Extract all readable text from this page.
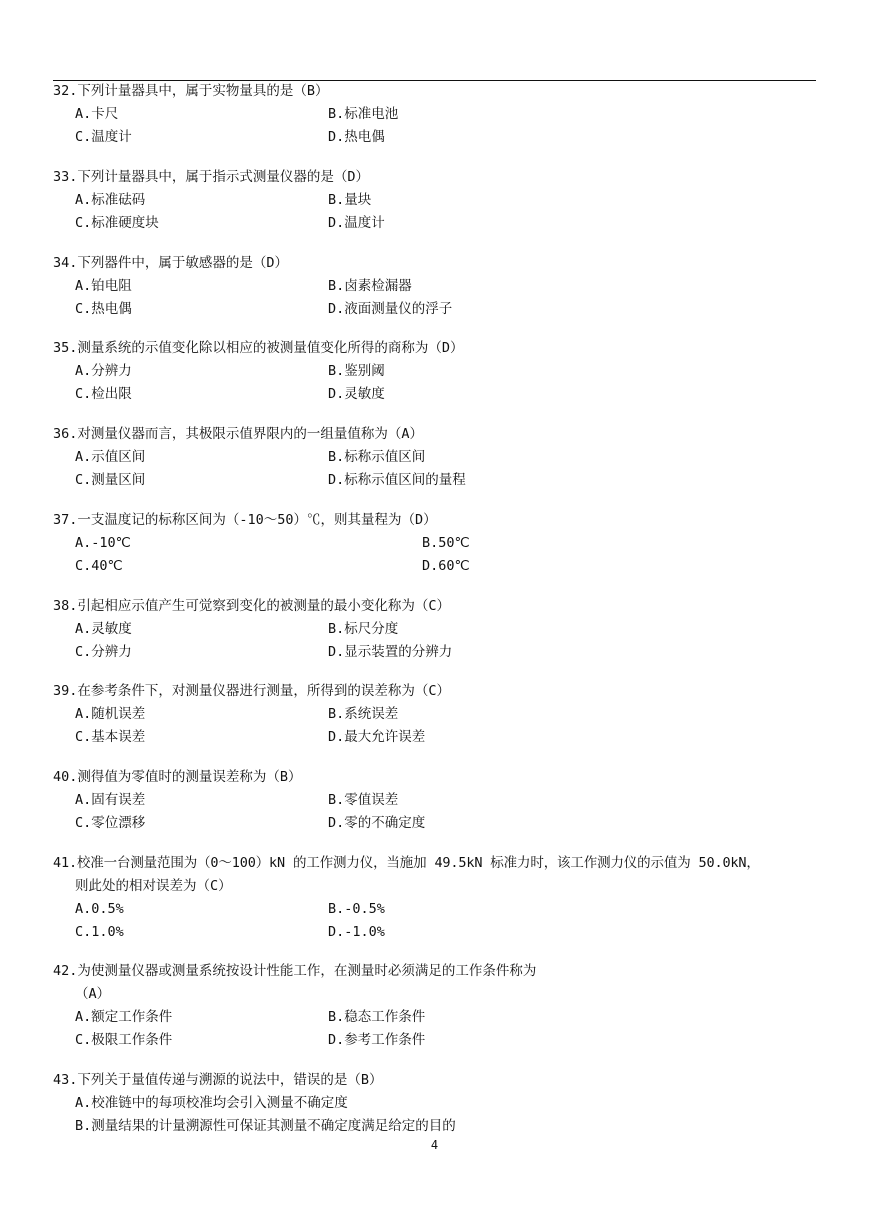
32.下列计量器具中，属于实物量具的是（B）
A.卡尺	B.标准电池
C.温度计	D.热电偶
33.下列计量器具中，属于指示式测量仪器的是（D）
A.标准砝码	B.量块
C.标准硬度块	D.温度计
34.下列器件中，属于敏感器的是（D）
A.铂电阻	B.卤素检漏器
C.热电偶	D.液面测量仪的浮子
35.测量系统的示值变化除以相应的被测量值变化所得的商称为（D）
A.分辨力	B.鉴别阈
C.检出限	D.灵敏度
36.对测量仪器而言，其极限示值界限内的一组量值称为（A）
A.示值区间	B.标称示值区间
C.测量区间	D.标称示值区间的量程
37.一支温度记的标称区间为（-10～50）℃，则其量程为（D）
A.-10℃	B.50℃
C.40℃	D.60℃
38.引起相应示值产生可觉察到变化的被测量的最小变化称为（C）
A.灵敏度	B.标尺分度
C.分辨力	D.显示装置的分辨力
39.在参考条件下，对测量仪器进行测量，所得到的误差称为（C）
A.随机误差	B.系统误差
C.基本误差	D.最大允许误差
40.测得值为零值时的测量误差称为（B）
A.固有误差	B.零值误差
C.零位漂移	D.零的不确定度
41.校准一台测量范围为（0～100）kN 的工作测力仪，当施加 49.5kN 标准力时，该工作测力仪的示值为 50.0kN，
则此处的相对误差为（C）
A.0.5%	B.-0.5%
C.1.0%	D.-1.0%
42.为使测量仪器或测量系统按设计性能工作，在测量时必须满足的工作条件称为
（A）
A.额定工作条件	B.稳态工作条件
C.极限工作条件	D.参考工作条件
43.下列关于量值传递与溯源的说法中，错误的是（B）
A.校准链中的每项校准均会引入测量不确定度
B.测量结果的计量溯源性可保证其测量不确定度满足给定的目的
4
